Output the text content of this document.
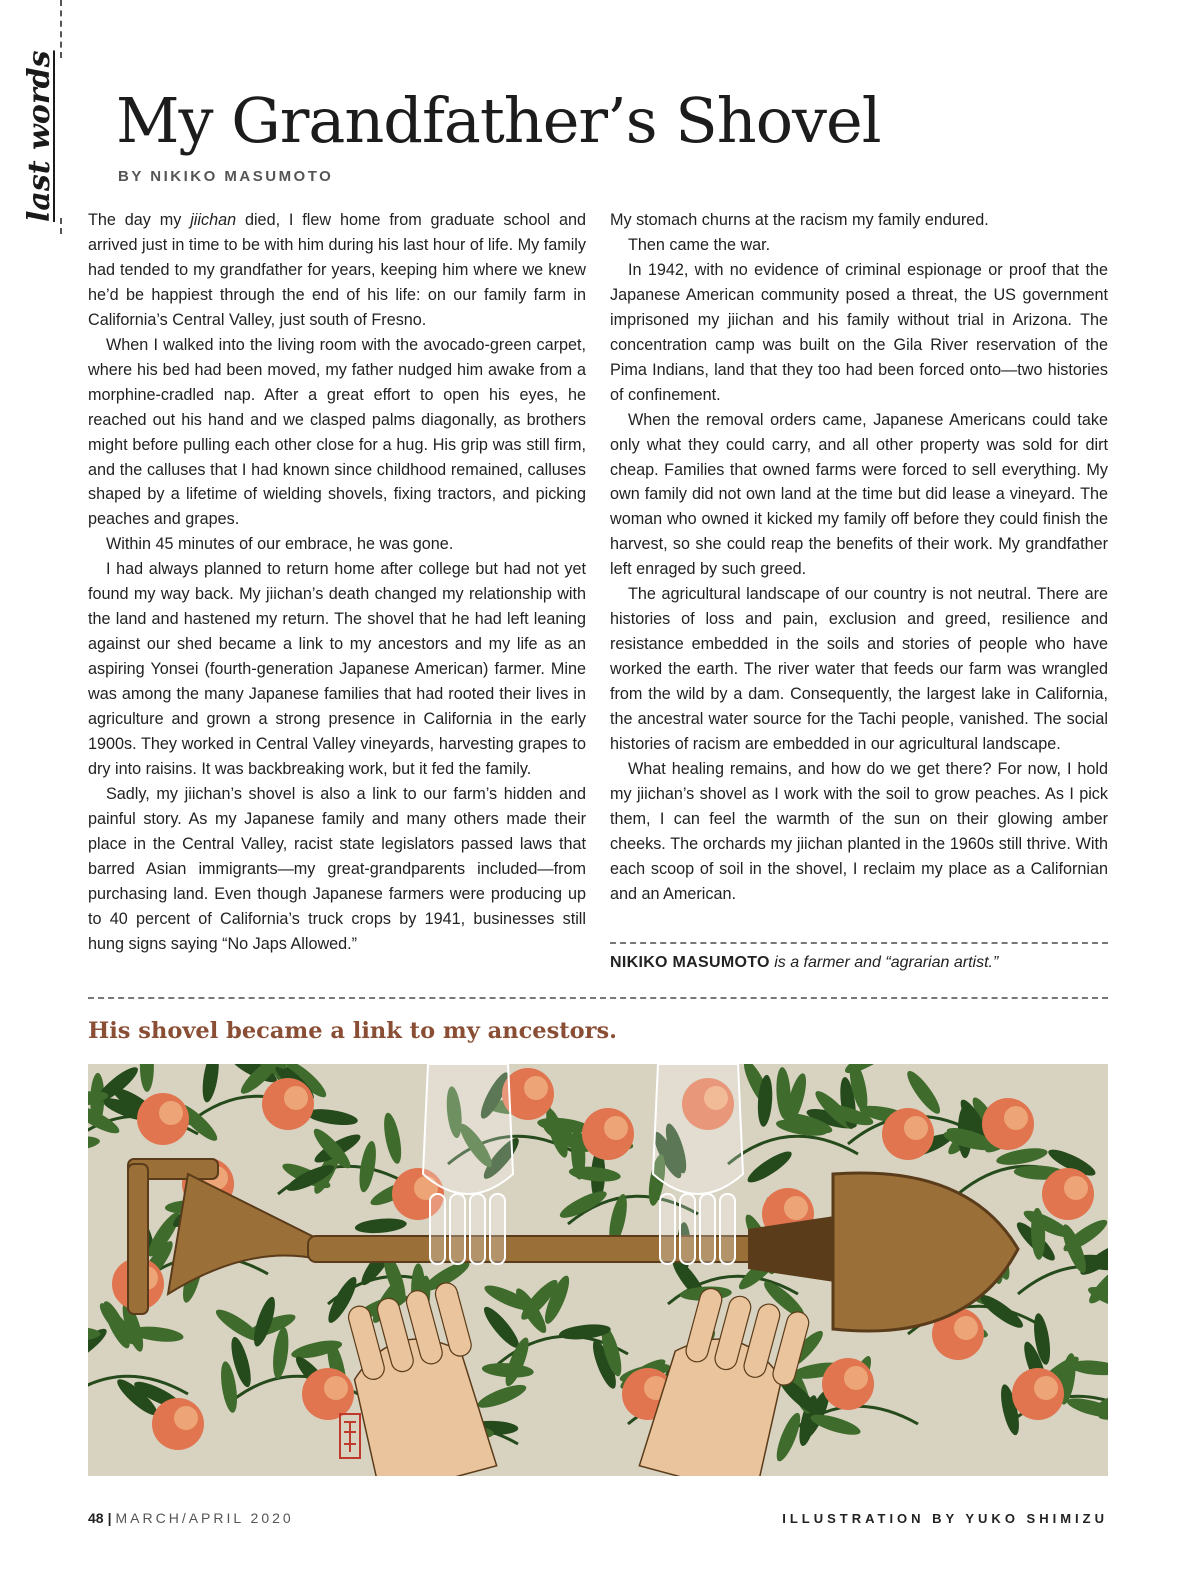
last words My Grandfather’s Shovel
BY NIKIKO MASUMOTO

The day my jiichan died, I flew home from graduate school and arrived just in time to be with him during his last hour of life. My family had tended to my grandfather for years, keeping him where we knew he’d be happiest through the end of his life: on our family farm in California’s Central Valley, just south of Fresno.

When I walked into the living room with the avocado-green carpet, where his bed had been moved, my father nudged him awake from a morphine-cradled nap. After a great effort to open his eyes, he reached out his hand and we clasped palms diagonally, as brothers might before pulling each other close for a hug. His grip was still firm, and the calluses that I had known since childhood remained, calluses shaped by a lifetime of wielding shovels, fixing tractors, and picking peaches and grapes.

Within 45 minutes of our embrace, he was gone.

I had always planned to return home after college but had not yet found my way back. My jiichan’s death changed my relationship with the land and hastened my return. The shovel that he had left leaning against our shed became a link to my ancestors and my life as an aspiring Yonsei (fourth-generation Japanese American) farmer. Mine was among the many Japanese families that had rooted their lives in agriculture and grown a strong presence in California in the early 1900s. They worked in Central Valley vineyards, harvesting grapes to dry into raisins. It was backbreaking work, but it fed the family.

Sadly, my jiichan’s shovel is also a link to our farm’s hidden and painful story. As my Japanese family and many others made their place in the Central Valley, racist state legislators passed laws that barred Asian immigrants—my great-grandparents included—from purchasing land. Even though Japanese farmers were producing up to 40 percent of California’s truck crops by 1941, businesses still hung signs saying “No Japs Allowed.”

My stomach churns at the racism my family endured.

Then came the war.

In 1942, with no evidence of criminal espionage or proof that the Japanese American community posed a threat, the US government imprisoned my jiichan and his family without trial in Arizona. The concentration camp was built on the Gila River reservation of the Pima Indians, land that they too had been forced onto—two histories of confinement.

When the removal orders came, Japanese Americans could take only what they could carry, and all other property was sold for dirt cheap. Families that owned farms were forced to sell everything. My own family did not own land at the time but did lease a vineyard. The woman who owned it kicked my family off before they could finish the harvest, so she could reap the benefits of their work. My grandfather left enraged by such greed.

The agricultural landscape of our country is not neutral. There are histories of loss and pain, exclusion and greed, resilience and resistance embedded in the soils and stories of people who have worked the earth. The river water that feeds our farm was wrangled from the wild by a dam. Consequently, the largest lake in California, the ancestral water source for the Tachi people, vanished. The social histories of racism are embedded in our agricultural landscape.

What healing remains, and how do we get there? For now, I hold my jiichan’s shovel as I work with the soil to grow peaches. As I pick them, I can feel the warmth of the sun on their glowing amber cheeks. The orchards my jiichan planted in the 1960s still thrive. With each scoop of soil in the shovel, I reclaim my place as a Californian and an American.

NIKIKO MASUMOTO is a farmer and “agrarian artist.”
His shovel became a link to my ancestors.
48 | MARCH/APRIL 2020	ILLUSTRATION BY YUKO SHIMIZU
